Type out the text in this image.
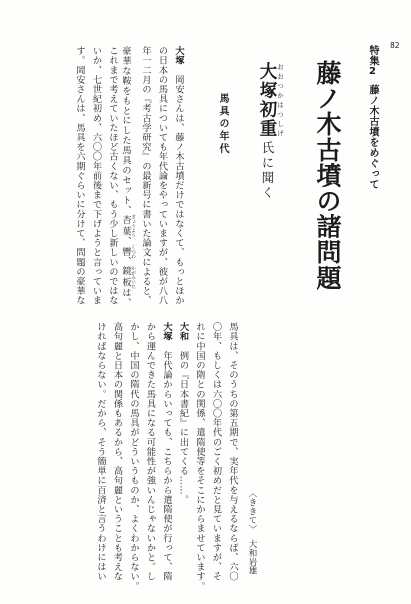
82
特集2藤ノ木古墳をめぐって
藤ノ木古墳の諸問題
大塚初重 おおつかはつしげ氏に聞く
〈ききて〉大和岩雄
馬具の年代
大塚　岡安さんは、藤ノ木古墳だけではなくて、もっとほか
の日本の馬具についても年代論をやっていますが、彼が八八
年一二月の『考古学研究』の最新号に書いた論文によると、
豪華な鞍をもとにした馬具のセット、杏葉 ぎょうよう、轡 くつわ、鏡板 かがみいたは、
これまで考えていたほど古くない、もう少し新しいのではな
いか、七世紀初め、六〇〇年前後まで下げようと言っていま
す。岡安さんは、馬具を六期ぐらいに分けて、問題の豪華な
馬具は、そのうちの第五期で、実年代を与えるならば、六〇
〇年、もしくは六〇〇年代のごく初めだと見ていますが、そ
れに中国の隋との関係、遣隋使等をそこにからませています。
大和　例の『日本書紀』に出てくる……。
大塚　年代論からいっても、こちらから遣隋使が行って、隋
から運んできた馬具になる可能性が強いんじゃないかと。し
かし、中国の隋代の馬具がどういうものか、よくわからない。
高句麗と日本の関係もあるから、高句麗ということも考えな
ければならない。だから、そう簡単に百済と言うわけにはい
